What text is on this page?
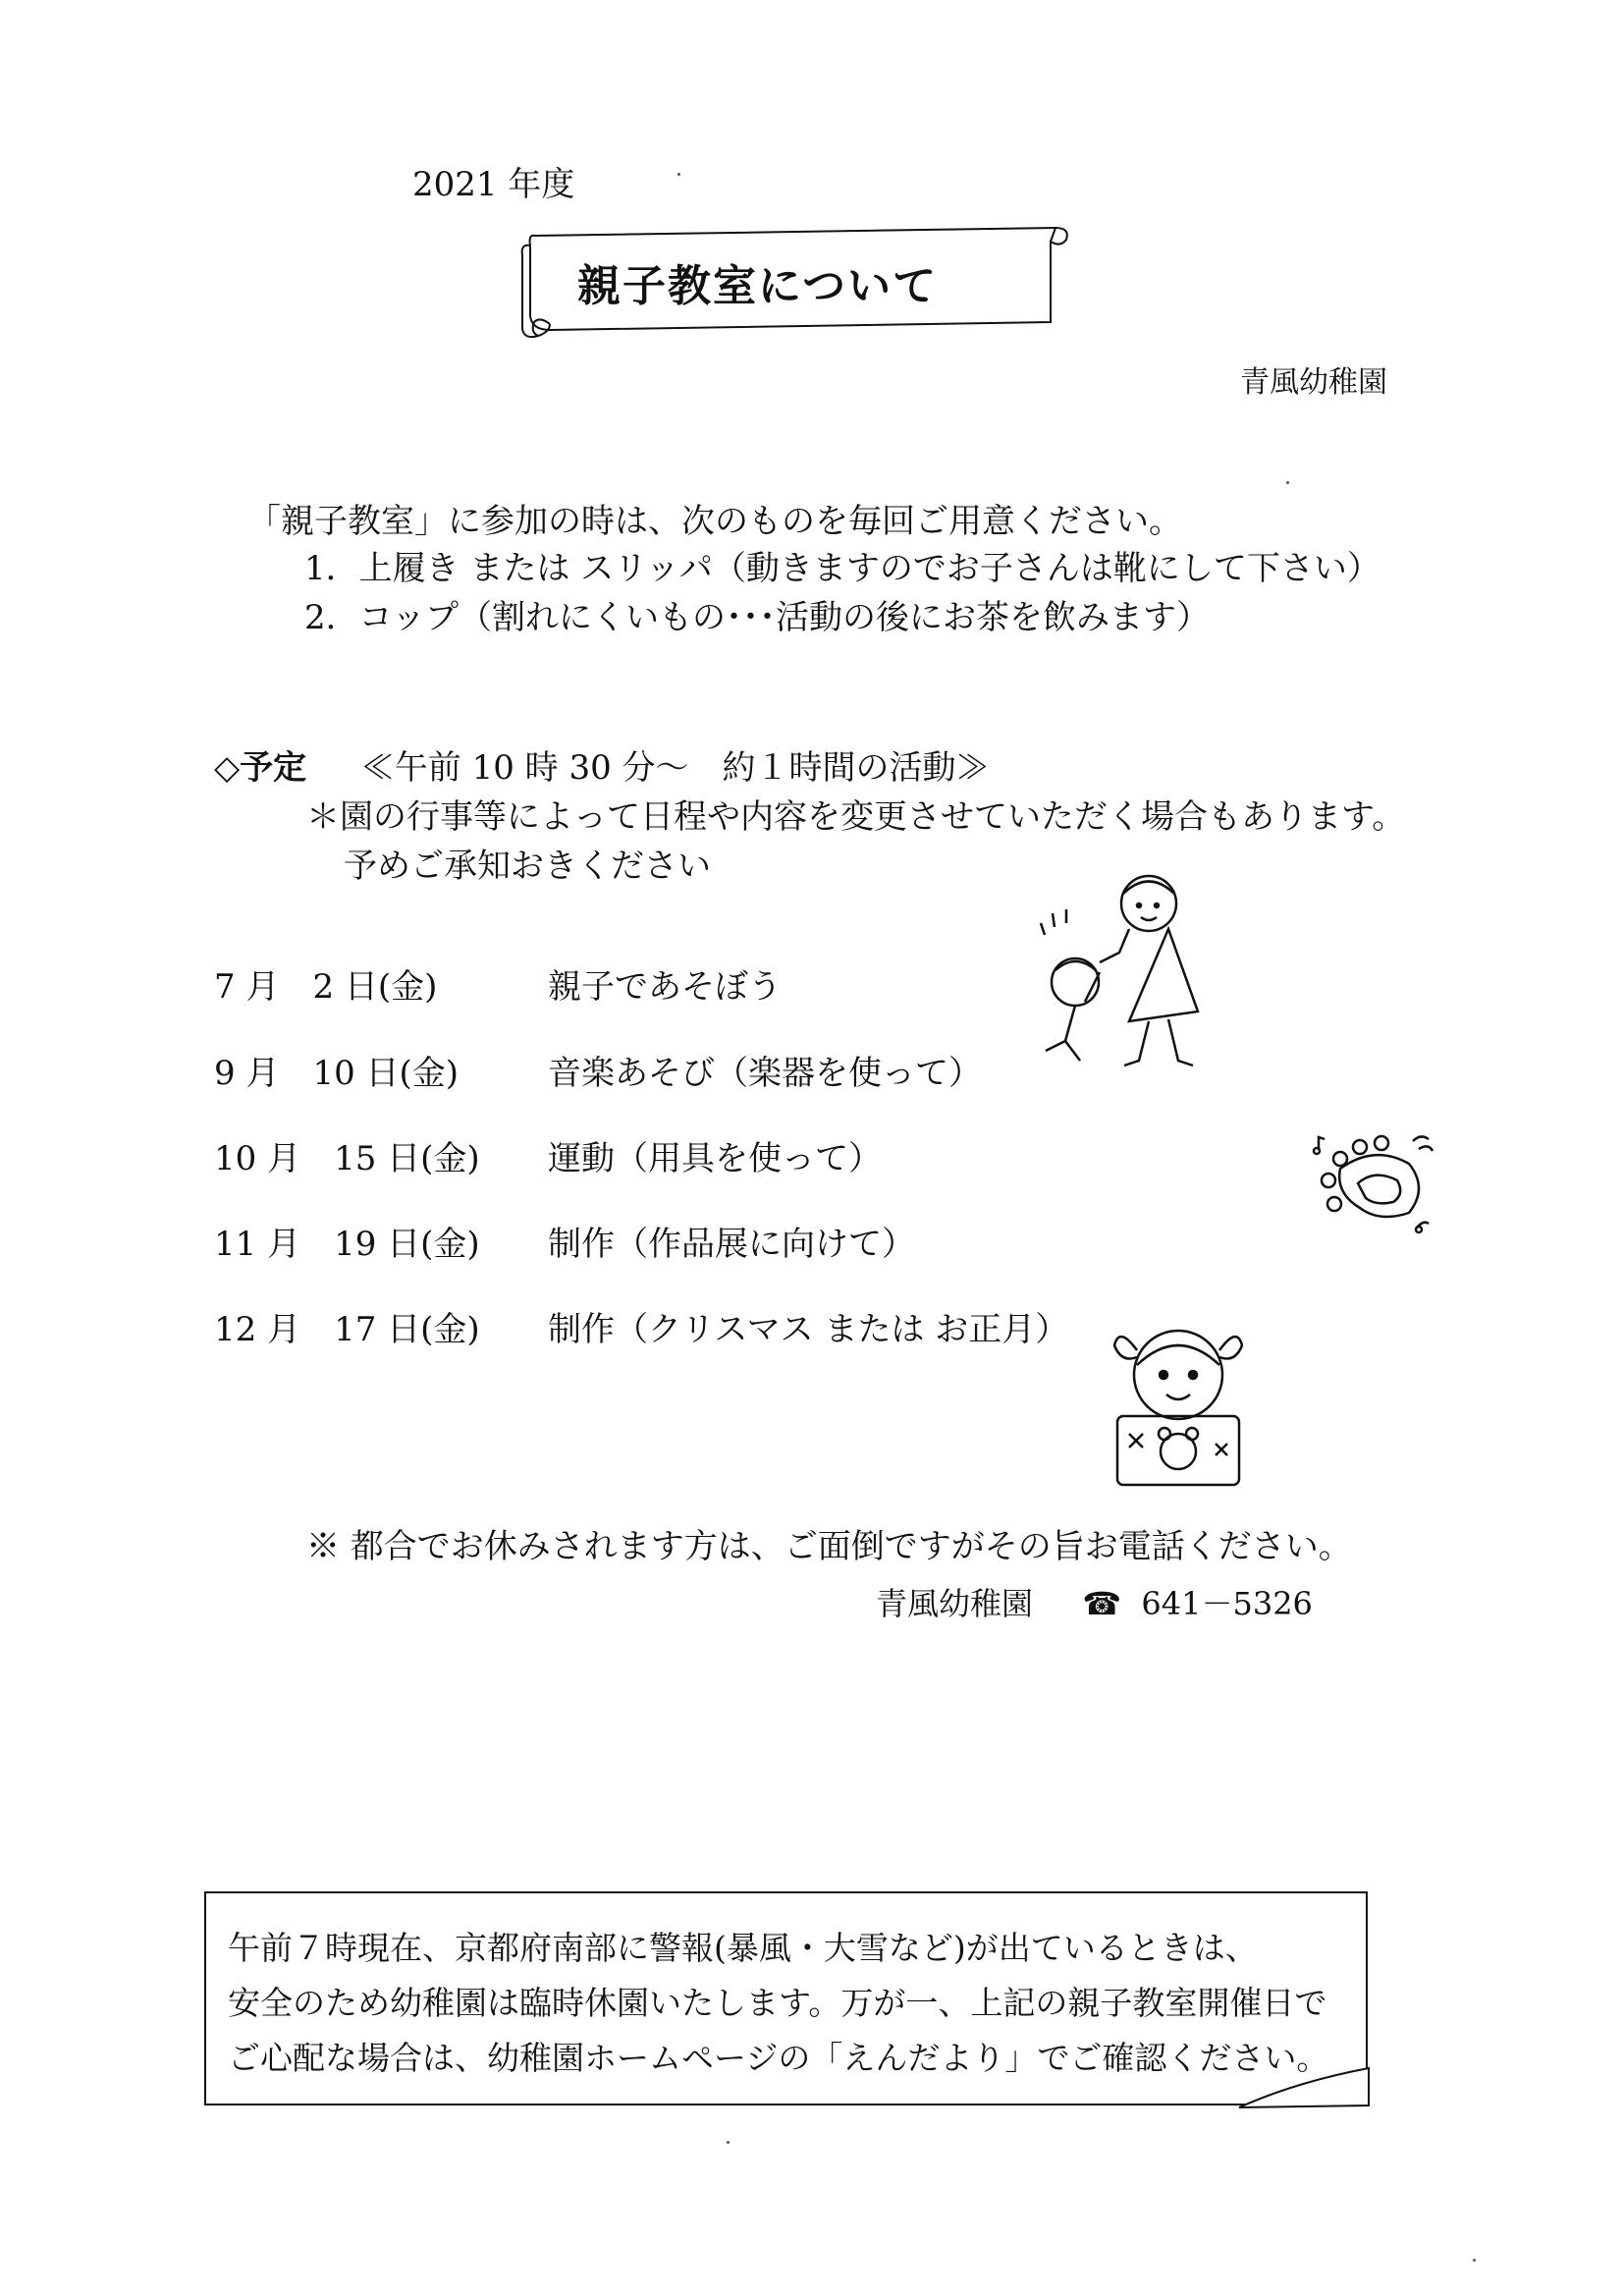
2021 年度
親子教室について
青風幼稚園
「親子教室」に参加の時は、次のものを毎回ご用意ください。
1．上履き または スリッパ（動きますのでお子さんは靴にして下さい）
2．コップ（割れにくいもの･･･活動の後にお茶を飲みます）
◇予定 ≪午前 10 時 30 分～　約１時間の活動≫
＊園の行事等によって日程や内容を変更させていただく場合もあります。
予めご承知おきください
7 月　2 日(金)	親子であそぼう
9 月　10 日(金)	音楽あそび（楽器を使って）
10 月　15 日(金) 運動（用具を使って）
11 月　19 日(金) 制作（作品展に向けて）
12 月　17 日(金) 制作（クリスマス または お正月）
※ 都合でお休みされます方は、ご面倒ですがその旨お電話ください。
青風幼稚園 ☎ 641－5326
午前７時現在、京都府南部に警報(暴風・大雪など)が出ているときは、
安全のため幼稚園は臨時休園いたします。万が一、上記の親子教室開催日で
ご心配な場合は、幼稚園ホームページの「えんだより」でご確認ください。
